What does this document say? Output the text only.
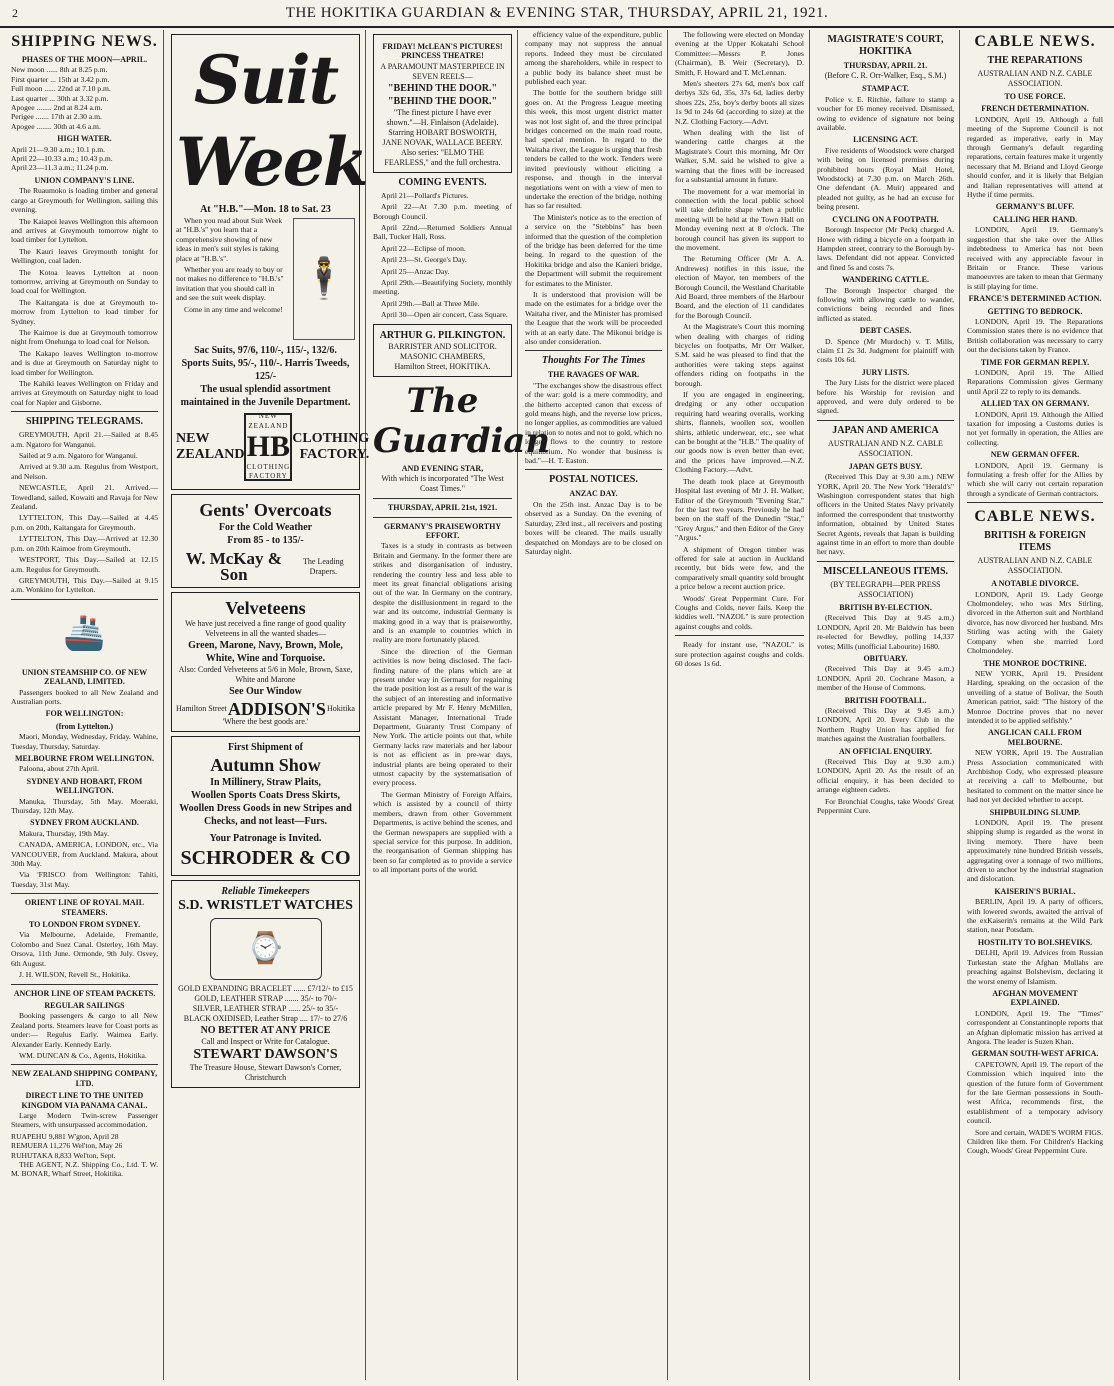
2	THE HOKITIKA GUARDIAN & EVENING STAR, THURSDAY, APRIL 21, 1921.
SHIPPING NEWS.
PHASES OF THE MOON—APRIL.
New moon ...... 8th at 8.25 p.m.
First quarter ... 15th at 3.42 p.m.
Full moon ...... 22nd at 7.10 p.m.
Last quarter ... 30th at 3.32 p.m.
Apogee ........ 2nd at 8.24 a.m.
Perigee ....... 17th at 2.30 a.m.
Apogee ........ 30th at 4.6 a.m.
HIGH WATER.
April 21—9.30 a.m.; 10.1 p.m.
April 22—10.33 a.m.; 10.43 p.m.
April 23—11.3 a.m.; 11.24 p.m.
UNION COMPANY'S LINE.

The Ruaumoko is loading timber and general cargo at Greymouth for Wellington, sailing this evening.

The Kaiapoi leaves Wellington this afternoon and arrives at Greymouth tomorrow night to load timber for Lyttelton.

The Kauri leaves Greymouth tonight for Wellington, coal laden.

The Kotoa leaves Lyttelton at noon tomorrow, arriving at Greymouth on Sunday to load coal for Wellington.

The Kaitangata is due at Greymouth to-morrow from Lyttelton to load timber for Sydney.

The Kaimoe is due at Greymouth tomorrow night from Onehunga to load coal for Nelson.

The Kakapo leaves Wellington to-morrow and is due at Greymouth on Saturday night to load timber for Wellington.

The Kahiki leaves Wellington on Friday and arrives at Greymouth on Saturday night to load coal for Napier and Gisborne.

SHIPPING TELEGRAMS.

GREYMOUTH, April 21.—Sailed at 8.45 a.m. Ngatoro for Wanganui.

Sailed at 9 a.m. Ngatoro for Wanganui.

Arrived at 9.30 a.m. Regulus from Westport, and Nelson.

NEWCASTLE, April 21. Arrived.—Towedland, sailed, Kowaiti and Ravaja for New Zealand.

LYTTELTON, This Day.—Sailed at 4.45 p.m. on 20th, Kaitangata for Greymouth.

LYTTELTON, This Day.—Arrived at 12.30 p.m. on 20th Kaimoe from Greymouth.

WESTPORT, This Day.—Sailed at 12.15 a.m. Regulus for Greymouth.

GREYMOUTH, This Day.—Sailed at 9.15 a.m. Wonkino for Lyttelton.

🚢
UNION STEAMSHIP CO. OF NEW ZEALAND, LIMITED.

Passengers booked to all New Zealand and Australian ports.

FOR WELLINGTON:
(from Lyttelton.)

Maori, Monday, Wednesday, Friday. Wahine, Tuesday, Thursday, Saturday.

MELBOURNE FROM WELLINGTON.

Paloona, about 27th April.

SYDNEY AND HOBART, FROM WELLINGTON.

Manuka, Thursday, 5th May. Moeraki, Thursday, 12th May.

SYDNEY FROM AUCKLAND.

Makura, Thursday, 19th May.

CANADA, AMERICA, LONDON, etc., Via VANCOUVER, from Auckland. Makura, about 30th May.

Via 'FRISCO from Wellington: Tahiti, Tuesday, 31st May.

ORIENT LINE OF ROYAL MAIL STEAMERS.
TO LONDON FROM SYDNEY.

Via Melbourne, Adelaide, Fremantle, Colombo and Suez Canal. Osterley, 16th May. Orsova, 11th June. Ormonde, 9th July. Osvey, 6th August.

J. H. WILSON, Revell St., Hokitika.

ANCHOR LINE OF STEAM PACKETS.
REGULAR SAILINGS

Booking passengers & cargo to all New Zealand ports. Steamers leave for Coast ports as under:— Regulus Early. Waimea Early. Alexander Early. Kennedy Early.

WM. DUNCAN & Co., Agents, Hokitika.

NEW ZEALAND SHIPPING COMPANY, LTD.
DIRECT LINE TO THE UNITED KINGDOM VIA PANAMA CANAL.

Large Modern Twin-screw Passenger Steamers, with unsurpassed accommodation.

RUAPEHU 9,881 W'gton, April 28
REMUERA 11,276 Wel'ton, May 26
RUHUTAKA 8,833 Wel'ton, Sept.

THE AGENT, N.Z. Shipping Co., Ltd. T. W. M. BONAR, Wharf Street, Hokitika.

Suit Week
At "H.B."—Mon. 18 to Sat. 23
🕴

When you read about Suit Week at "H.B.'s" you learn that a comprehensive showing of new ideas in men's suit styles is taking place at "H.B.'s".

Whether you are ready to buy or not makes no difference to "H.B.'s" invitation that you should call in and see the suit week display.

Come in any time and welcome!

Sac Suits, 97/6, 110/-, 115/-, 132/6.
Sports Suits, 95/-, 110/-. Harris Tweeds, 125/-
The usual splendid assortment maintained in the Juvenile Department.
NEW
ZEALAND
NEW ZEALAND
HB
CLOTHING FACTORY
CLOTHING
FACTORY.
Gents' Overcoats
For the Cold Weather
From 85 - to 135/-
W. McKay & Son
The Leading Drapers.
Velveteens
We have just received a fine range of good quality Velveteens in all the wanted shades—
Green, Marone, Navy, Brown, Mole, White, Wine and Torquoise.
Also: Corded Velveteens at 5/6 in Mole, Brown, Saxe, White and Marone
See Our Window
Hamilton Street ADDISON'S Hokitika
'Where the best goods are.'
First Shipment of
Autumn Show
In Millinery, Straw Plaits,
Woollen Sports Coats Dress Skirts,
Woollen Dress Goods in new Stripes and Checks, and not least—Furs.
Your Patronage is Invited.
SCHRODER & CO
Reliable Timekeepers
S.D. WRISTLET WATCHES
⌚
GOLD EXPANDING BRACELET ...... £7/12/- to £15
GOLD, LEATHER STRAP ....... 35/- to 70/-
SILVER, LEATHER STRAP ...... 25/- to 35/-
BLACK OXIDISED, Leather Strap .... 17/- to 27/6
NO BETTER AT ANY PRICE
Call and Inspect or Write for Catalogue.
STEWART DAWSON'S
The Treasure House, Stewart Dawson's Corner, Christchurch
FRIDAY! McLEAN'S PICTURES! PRINCESS THEATRE!
A PARAMOUNT MASTERPIECE IN SEVEN REELS—
"BEHIND THE DOOR." "BEHIND THE DOOR."
"The finest picture I have ever shown."—H. Finlaison (Adelaide).
Starring HOBART BOSWORTH, JANE NOVAK, WALLACE BEERY.
Also series: "ELMO THE FEARLESS," and the full orchestra.
COMING EVENTS.

April 21—Pollard's Pictures.

April 22—At 7.30 p.m. meeting of Borough Council.

April 22nd.—Returned Soldiers Annual Ball, Tucker Hall, Ross.

April 22—Eclipse of moon.

April 23—St. George's Day.

April 25—Anzac Day.

April 29th.—Beautifying Society, monthly meeting.

April 29th.—Ball at Three Mile.

April 30—Open air concert, Cass Square.

ARTHUR G. PILKINGTON.
BARRISTER AND SOLICITOR.
MASONIC CHAMBERS,
Hamilton Street, HOKITIKA.
The Guardian
AND EVENING STAR,
With which is incorporated "The West Coast Times."
THURSDAY, APRIL 21st, 1921.
GERMANY'S PRAISEWORTHY EFFORT.

Taxes is a study in contrasts as between Britain and Germany. In the former there are strikes and disorganisation of industry, rendering the country less and less able to meet its great financial obligations arising out of the war. In Germany on the contrary, despite the disillusionment in regard to the war and its outcome, industrial Germany is making good in a way that is praiseworthy, and is an example to countries which in reality are more fortunately placed.

Since the direction of the German activities is now being disclosed. The fact-finding nature of the plans which are at present under way in Germany for regaining the trade position lost as a result of the war is the subject of an interesting and informative article prepared by Mr F. Henry McMillen, Assistant Manager, International Trade Department, Guaranty Trust Company of New York. The article points out that, while Germany lacks raw materials and her labour is not as efficient as in pre-war days, industrial plants are being operated to their utmost capacity by the systematisation of every process.

The German Ministry of Foreign Affairs, which is assisted by a council of thirty members, drawn from other Government Departments, is active behind the scenes, and the German newspapers are supplied with a special service for this purpose. In addition, the reorganisation of German shipping has been so far completed as to provide a service to all important ports of the world.

efficiency value of the expenditure, public company may not suppress the annual reports. Indeed they must be circulated among the shareholders, while in respect to a public body its balance sheet must be published each year.

The bottle for the southern bridge still goes on. At the Progress League meeting this week, this most urgent district matter was not lost sight of, and the three principal bridges concerned on the main road route, had special mention. In regard to the Waitaha river, the League is urging that fresh tenders be called to the work. Tenders were invited previously without eliciting a response, and though in the interval negotiations went on with a view of men to undertake the erection of the bridge, nothing has so far resulted.

The Minister's notice as to the erection of a service on the "Stebbins" has been informed that the question of the completion of the bridge has been deferred for the time being. In regard to the question of the Hokitika bridge and also the Kanieri bridge, the Department will submit the requirement for estimates to the Minister.

It is understood that provision will be made on the estimates for a bridge over the Waitaha river, and the Minister has promised the League that the work will be proceeded with at an early date. The Mikonui bridge is also under consideration.

Thoughts For The Times
THE RAVAGES OF WAR.

"The exchanges show the disastrous effect of the war: gold is a mere commodity, and the hitherto accepted canon that excess of gold means high, and the reverse low prices, no longer applies, as commodities are valued in relation to notes and not to gold, which no longer flows to the country to restore equilibrium. No wonder that business is bad."—H. T. Easton.

POSTAL NOTICES.
ANZAC DAY.

On the 25th inst. Anzac Day is to be observed as a Sunday. On the evening of Saturday, 23rd inst., all receivers and posting boxes will be cleared. The mails usually despatched on Mondays are to be closed on Saturday night.

The following were elected on Monday evening at the Upper Kokatahi School Committee:—Messrs P. Jones (Chairman), B. Weir (Secretary), D. Smith, F. Howard and T. McLennan.

Men's sheeters 27s 6d, men's box calf derbys 32s 6d, 35s, 37s 6d, ladies derby shoes 22s, 25s, boy's derby boots all sizes 1s 9d to 24s 6d (according to size) at the N.Z. Clothing Factory.—Advt.

When dealing with the list of wandering cattle charges at the Magistrate's Court this morning, Mr Orr Walker, S.M. said he wished to give a warning that the fines will be increased for a substantial amount in future.

The movement for a war memorial in connection with the local public school will take definite shape when a public meeting will be held at the Town Hall on Monday evening next at 8 o'clock. The borough council has given its support to the movement.

The Returning Officer (Mr A. A. Andrewes) notifies in this issue, the election of Mayor, ten members of the Borough Council, the Westland Charitable Aid Board, three members of the Harbour Board, and the election of 11 candidates for the Borough Council.

At the Magistrate's Court this morning when dealing with charges of riding bicycles on footpaths, Mr Orr Walker, S.M. said he was pleased to find that the authorities were taking steps against offenders riding on footpaths in the borough.

If you are engaged in engineering, dredging or any other occupation requiring hard wearing overalls, working shirts, flannels, woollen sox, woollen shirts, athletic underwear, etc., see what can be bought at the "H.B." The quality of our goods now is even better than ever, and the prices have improved.—N.Z. Clothing Factory.—Advt.

The death took place at Greymouth Hospital last evening of Mr J. H. Walker, Editor of the Greymouth "Evening Star," for the last two years. Previously he had been on the staff of the Dunedin "Star," "Grey Argus," and then Editor of the Grey "Argus."

A shipment of Oregon timber was offered for sale at auction in Auckland recently, but bids were few, and the comparatively small quantity sold brought a price below a recent auction price.

Woods' Great Peppermint Cure. For Coughs and Colds, never fails. Keep the kiddies well. "NAZOL" is sure protection against coughs and colds.

Ready for instant use, "NAZOL" is sure protection against coughs and colds. 60 doses 1s 6d.

MAGISTRATE'S COURT, HOKITIKA
THURSDAY, APRIL 21.
(Before C. R. Orr-Walker, Esq., S.M.)
STAMP ACT.

Police v. E. Ritchie, failure to stamp a voucher for £6 money received. Dismissed, owing to evidence of signature not being available.

LICENSING ACT.

Five residents of Woodstock were charged with being on licensed premises during prohibited hours (Royal Mail Hotel, Woodstock) at 7.30 p.m. on March 26th. One defendant (A. Muir) appeared and pleaded not guilty, as he had an excuse for being present.

CYCLING ON A FOOTPATH.

Borough Inspector (Mr Peck) charged A. Howe with riding a bicycle on a footpath in Hampden street, contrary to the Borough by-laws. Defendant did not appear. Convicted and fined 5s and costs 7s.

WANDERING CATTLE.

The Borough Inspector charged the following with allowing cattle to wander, convictions being recorded and fines inflicted as stated.

DEBT CASES.

D. Spence (Mr Murdoch) v. T. Mills, claim £1 2s 3d. Judgment for plaintiff with costs 10s 6d.

JURY LISTS.

The Jury Lists for the district were placed before his Worship for revision and approved, and were duly ordered to be signed.

JAPAN AND AMERICA
AUSTRALIAN AND N.Z. CABLE ASSOCIATION.
JAPAN GETS BUSY.

(Received This Day at 9.30 a.m.) NEW YORK, April 20. The New York "Herald's" Washington correspondent states that high officers in the United States Navy privately informed the correspondent that trustworthy information, obtained by United States Secret Agents, reveals that Japan is building against time in an effort to more than double her navy.

MISCELLANEOUS ITEMS.
(BY TELEGRAPH—PER PRESS ASSOCIATION)
BRITISH BY-ELECTION.

(Received This Day at 9.45 a.m.) LONDON, April 20. Mr Baldwin has been re-elected for Bewdley, polling 14,337 votes; Mills (unofficial Labourite) 1680.

OBITUARY.

(Received This Day at 9.45 a.m.) LONDON, April 20. Cochrane Mason, a member of the House of Commons.

BRITISH FOOTBALL.

(Received This Day at 9.45 a.m.) LONDON, April 20. Every Club in the Northern Rugby Union has applied for matches against the Australian footballers.

AN OFFICIAL ENQUIRY.

(Received This Day at 9.30 a.m.) LONDON, April 20. As the result of an official enquiry, it has been decided to arrange eighteen cadets.

For Bronchial Coughs, take Woods' Great Peppermint Cure.

CABLE NEWS.
THE REPARATIONS
AUSTRALIAN AND N.Z. CABLE ASSOCIATION.
TO USE FORCE.
FRENCH DETERMINATION.

LONDON, April 19. Although a full meeting of the Supreme Council is not regarded as imperative, early in May through Germany's default regarding reparations, certain features make it urgently necessary that M. Briand and Lloyd George should confer, and it is likely that Belgian and Italian representatives will attend at Hythe if time permits.

GERMANY'S BLUFF.
CALLING HER HAND.

LONDON, April 19. Germany's suggestion that she take over the Allies indebtedness to America has not been received with any appreciable favour in Britain or France. These various manoeuvres are taken to mean that Germany is still playing for time.

FRANCE'S DETERMINED ACTION.
GETTING TO BEDROCK.

LONDON, April 19. The Reparations Commission states there is no evidence that British collaboration was necessary to carry out the decisions taken by France.

TIME FOR GERMAN REPLY.

LONDON, April 19. The Allied Reparations Commission gives Germany until April 22 to reply to its demands.

ALLIED TAX ON GERMANY.

LONDON, April 19. Although the Allied taxation for imposing a Customs duties is not yet formally in operation, the Allies are collecting.

NEW GERMAN OFFER.

LONDON, April 19. Germany is formulating a fresh offer for the Allies by which she will carry out certain reparation through a syndicate of German contractors.

CABLE NEWS.
BRITISH & FOREIGN ITEMS
AUSTRALIAN AND N.Z. CABLE ASSOCIATION.
A NOTABLE DIVORCE.

LONDON, April 19. Lady George Cholmondeley, who was Mrs Stirling, divorced in the Atherton suit and Northland divorce, has now divorced her husband. Mrs Stirling was acting with the Gaiety Company when she married Lord Cholmondeley.

THE MONROE DOCTRINE.

NEW YORK, April 19. President Harding, speaking on the occasion of the unveiling of a statue of Bolivar, the South American patriot, said: "The history of the Monroe Doctrine proves that no never intended it to be applied selfishly."

ANGLICAN CALL FROM MELBOURNE.

NEW YORK, April 19. The Australian Press Association communicated with Archbishop Cody, who expressed pleasure at receiving a call to Melbourne, but hesitated to comment on the matter since he had not yet decided whether to accept.

SHIPBUILDING SLUMP.

LONDON, April 19. The present shipping slump is regarded as the worst in living memory. There have been approximately nine hundred British vessels, aggregating over a tonnage of two millions, driven to anchor by the industrial stagnation and dislocation.

KAISERIN'S BURIAL.

BERLIN, April 19. A party of officers, with lowered swords, awaited the arrival of the exKaiserin's remains at the Wild Park station, near Potsdam.

HOSTILITY TO BOLSHEVIKS.

DELHI, April 19. Advices from Russian Turkestan state the Afghan Mullahs are preaching against Bolshevism, declaring it the worst enemy of Islamism.

AFGHAN MOVEMENT EXPLAINED.

LONDON, April 19. The "Times" correspondent at Constantinople reports that an Afghan diplomatic mission has arrived at Angora. The leader is Suzen Khan.

GERMAN SOUTH-WEST AFRICA.

CAPETOWN, April 19. The report of the Commission which inquired into the question of the future form of Government for the late German possessions in South-west Africa, recommends first, the establishment of a temporary advisory council.

Sore and certain, WADE'S WORM FIGS. Children like them. For Children's Hacking Cough, Woods' Great Peppermint Cure.
